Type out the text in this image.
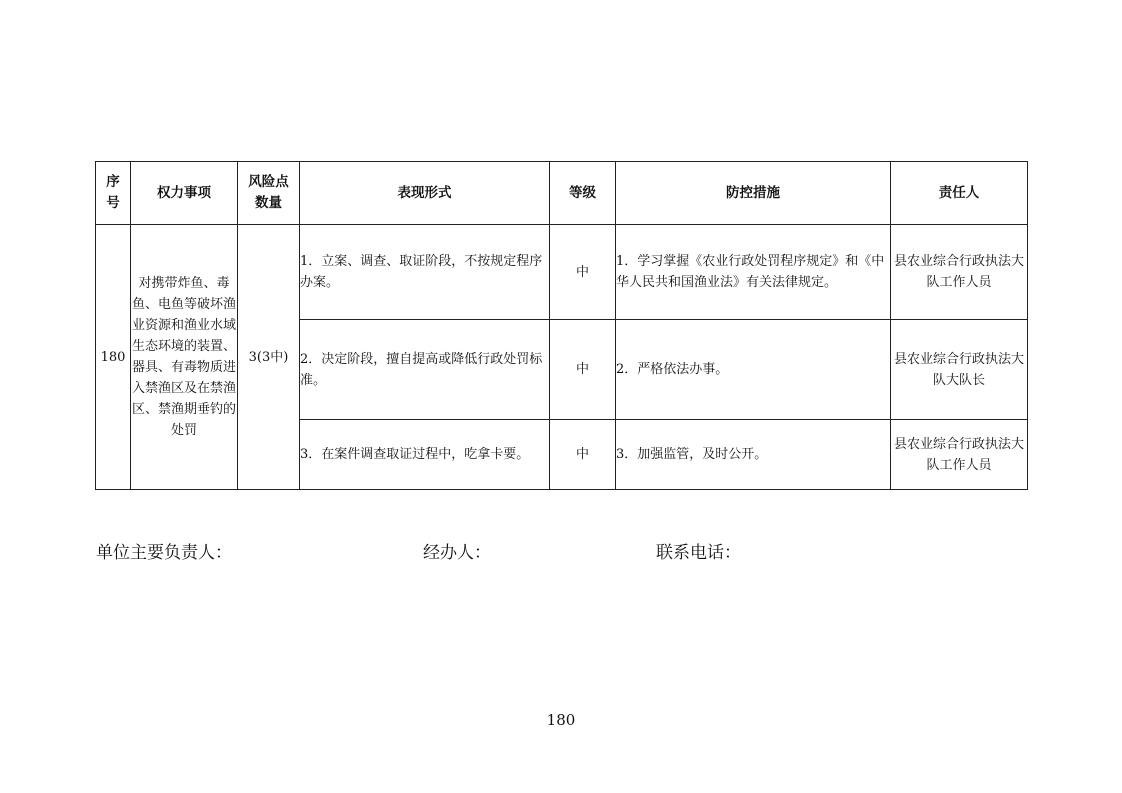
序号	权力事项	风险点数量	表现形式	等级	防控措施	责任人
180	对携带炸鱼、毒鱼、电鱼等破坏渔业资源和渔业水域生态环境的装置、器具、有毒物质进入禁渔区及在禁渔区、禁渔期垂钓的处罚	3(3中)	1．立案、调查、取证阶段，不按规定程序办案。	中	1．学习掌握《农业行政处罚程序规定》和《中华人民共和国渔业法》有关法律规定。	县农业综合行政执法大队工作人员
			2．决定阶段，擅自提高或降低行政处罚标准。	中	2．严格依法办事。	县农业综合行政执法大队大队长
			3．在案件调查取证过程中，吃拿卡要。	中	3．加强监管，及时公开。	县农业综合行政执法大队工作人员
单位主要负责人：	经办人：	联系电话：
180
